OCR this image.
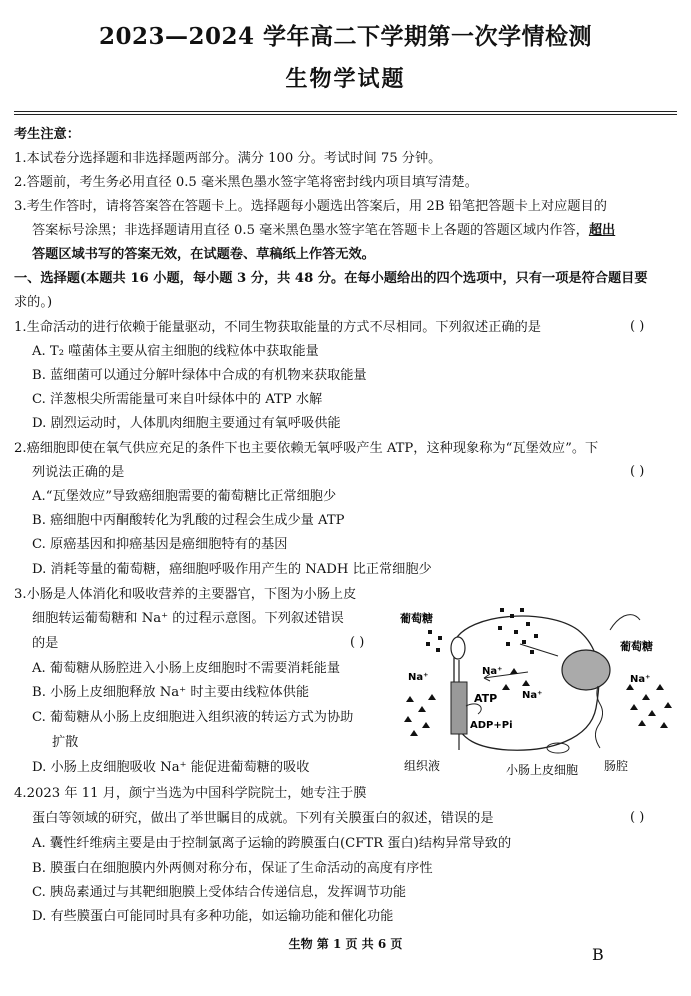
2023—2024 学年高二下学期第一次学情检测
生物学试题
考生注意：
1.本试卷分选择题和非选择题两部分。满分 100 分。考试时间 75 分钟。
2.答题前，考生务必用直径 0.5 毫米黑色墨水签字笔将密封线内项目填写清楚。
3.考生作答时，请将答案答在答题卡上。选择题每小题选出答案后，用 2B 铅笔把答题卡上对应题目的
答案标号涂黑；非选择题请用直径 0.5 毫米黑色墨水签字笔在答题卡上各题的答题区域内作答，超出
答题区域书写的答案无效，在试题卷、草稿纸上作答无效。
一、选择题(本题共 16 小题，每小题 3 分，共 48 分。在每小题给出的四个选项中，只有一项是符合题目要
求的。)
1.生命活动的进行依赖于能量驱动，不同生物获取能量的方式不尽相同。下列叙述正确的是	( )
A. T₂ 噬菌体主要从宿主细胞的线粒体中获取能量
B. 蓝细菌可以通过分解叶绿体中合成的有机物来获取能量
C. 洋葱根尖所需能量可来自叶绿体中的 ATP 水解
D. 剧烈运动时，人体肌肉细胞主要通过有氧呼吸供能
2.癌细胞即使在氧气供应充足的条件下也主要依赖无氧呼吸产生 ATP，这种现象称为“瓦堡效应”。下
列说法正确的是	( )
A.“瓦堡效应”导致癌细胞需要的葡萄糖比正常细胞少
B. 癌细胞中丙酮酸转化为乳酸的过程会生成少量 ATP
C. 原癌基因和抑癌基因是癌细胞特有的基因
D. 消耗等量的葡萄糖，癌细胞呼吸作用产生的 NADH 比正常细胞少
3.小肠是人体消化和吸收营养的主要器官，下图为小肠上皮
细胞转运葡萄糖和 Na⁺ 的过程示意图。下列叙述错误
的是	( )
A. 葡萄糖从肠腔进入小肠上皮细胞时不需要消耗能量
B. 小肠上皮细胞释放 Na⁺ 时主要由线粒体供能
C. 葡萄糖从小肠上皮细胞进入组织液的转运方式为协助
扩散
D. 小肠上皮细胞吸收 Na⁺ 能促进葡萄糖的吸收
葡萄糖
葡萄糖
Na⁺
Na⁺
Na⁺
Na⁺
ATP
ADP+Pi
组织液	小肠上皮细胞 肠腔
4.2023 年 11 月，颜宁当选为中国科学院院士，她专注于膜
蛋白等领域的研究，做出了举世瞩目的成就。下列有关膜蛋白的叙述，错误的是	( )
A. 囊性纤维病主要是由于控制氯离子运输的跨膜蛋白(CFTR 蛋白)结构异常导致的
B. 膜蛋白在细胞膜内外两侧对称分布，保证了生命活动的高度有序性
C. 胰岛素通过与其靶细胞膜上受体结合传递信息，发挥调节功能
D. 有些膜蛋白可能同时具有多种功能，如运输功能和催化功能
生物 第 1 页 共 6 页
B
